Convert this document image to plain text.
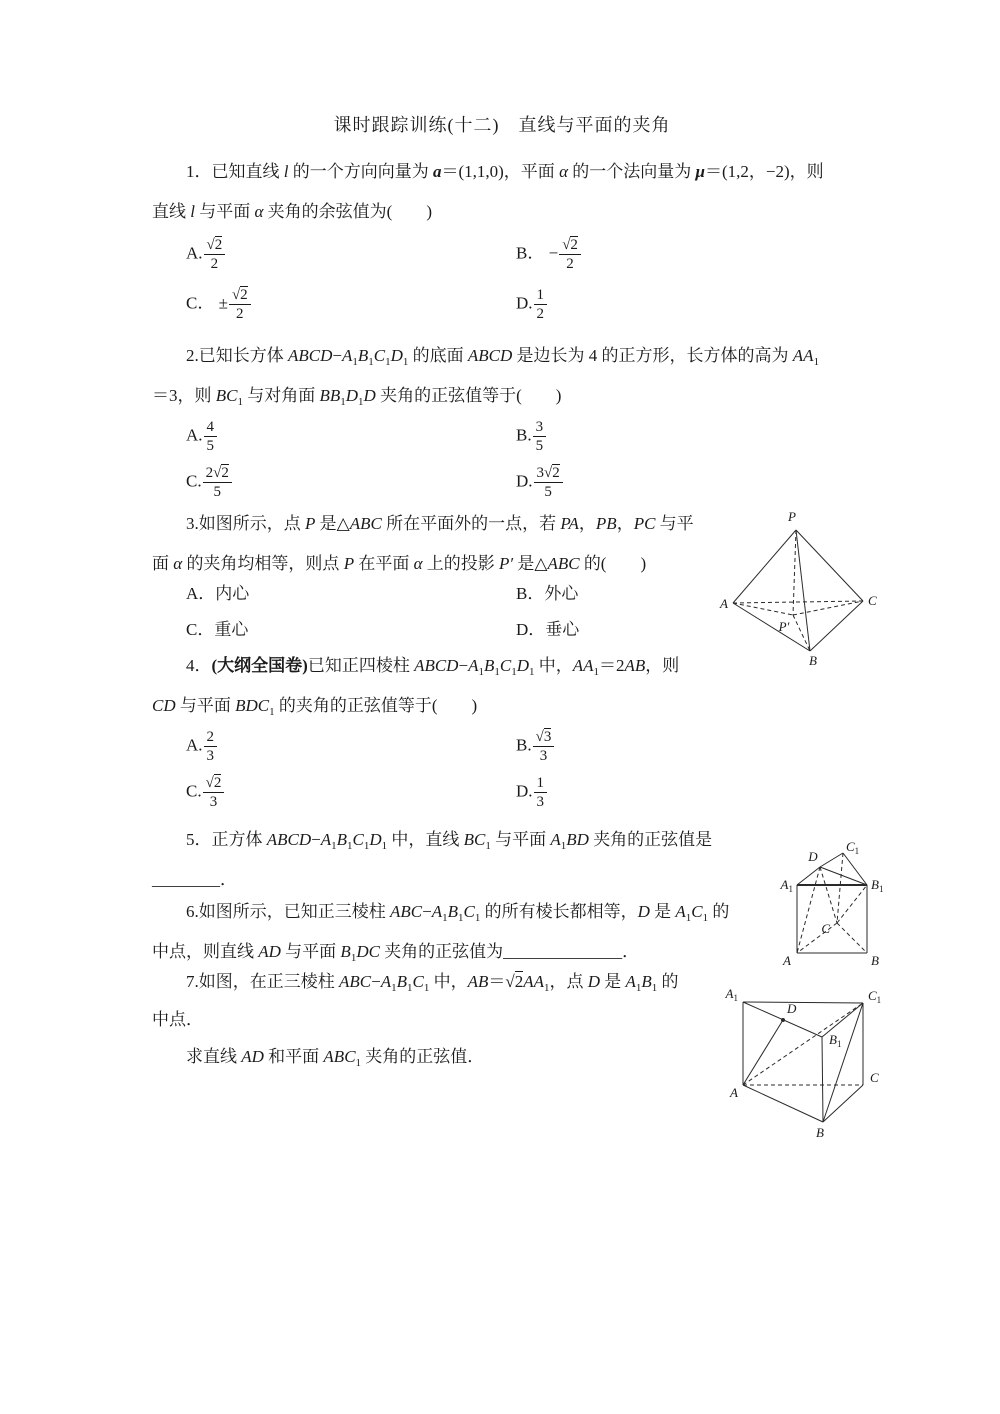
课时跟踪训练(十二)　直线与平面的夹角
1．已知直线 l 的一个方向向量为 a＝(1,1,0)，平面 α 的一个法向量为 μ＝(1,2，−2)，则
直线 l 与平面 α 夹角的余弦值为(　　)
A. $\frac{√2}{2}$	B． − $\frac{√2}{2}$
C． ± $\frac{√2}{2}$	D. $\frac{1}{2}$
2.已知长方体 $ABCD-A_1B_1C_1D_1$ 的底面 ABCD 是边长为 4 的正方形，长方体的高为 $AA_1$
＝3，则 $BC_1$ 与对角面 $BB_1D_1D$ 夹角的正弦值等于(　　)
A. $\frac{4}{5}$	B. $\frac{3}{5}$
C. $\frac{2√2}{5}$	D. $\frac{3√2}{5}$
3.如图所示，点 P 是△ABC 所在平面外的一点，若 PA，PB，PC 与平
面 α 的夹角均相等，则点 P 在平面 α 上的投影 P′ 是△ABC 的(　　)
A．内心	B．外心
C．重心	D．垂心
4．(大纲全国卷)已知正四棱柱 $ABCD-A_1B_1C_1D_1$ 中，$AA_1=2AB$，则
CD 与平面 $BDC_1$ 的夹角的正弦值等于(　　)
A. $\frac{2}{3}$	B. $\frac{√3}{3}$
C. $\frac{√2}{3}$	D. $\frac{1}{3}$
5．正方体 $ABCD-A_1B_1C_1D_1$ 中，直线 $BC_1$ 与平面 $A_1BD$ 夹角的正弦值是
________．
6.如图所示，已知正三棱柱 $ABC-A_1B_1C_1$ 的所有棱长都相等，D 是 $A_1C_1$ 的
中点，则直线 AD 与平面 $B_1DC$ 夹角的正弦值为______________．
7.如图，在正三棱柱 $ABC-A_1B_1C_1$ 中，$AB=√2AA_1$，点 D 是 $A_1B_1$ 的
中点．
求直线 AD 和平面 $ABC_1$ 夹角的正弦值．
P
A	C
B
P′
$C_1$
D
$A_1$	$B_1$
C
A	B
$A_1$	$C_1$
$B_1$
D
A
C
B
